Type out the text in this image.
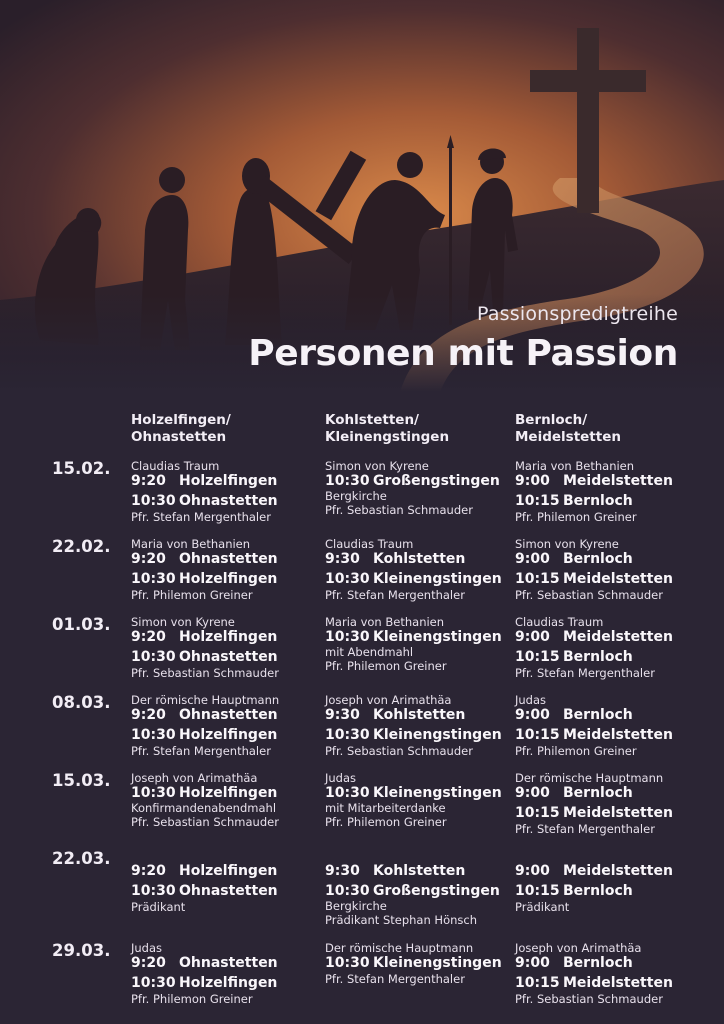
Passionspredigtreihe
Personen mit Passion
Holzelfingen/
Ohnastetten
Kohlstetten/
Kleinengstingen
Bernloch/
Meidelstetten
15.02. Claudias Traum
9:20 Holzelfingen
10:30 Ohnastetten
Pfr. Stefan Mergenthaler
Simon von Kyrene
10:30 Großengstingen
Bergkirche
Pfr. Sebastian Schmauder
Maria von Bethanien
9:00 Meidelstetten
10:15 Bernloch
Pfr. Philemon Greiner
22.02. Maria von Bethanien
9:20 Ohnastetten
10:30 Holzelfingen
Pfr. Philemon Greiner
Claudias Traum
9:30 Kohlstetten
10:30 Kleinengstingen
Pfr. Stefan Mergenthaler
Simon von Kyrene
9:00 Bernloch
10:15 Meidelstetten
Pfr. Sebastian Schmauder
01.03. Simon von Kyrene
9:20 Holzelfingen
10:30 Ohnastetten
Pfr. Sebastian Schmauder
Maria von Bethanien
10:30 Kleinengstingen
mit Abendmahl
Pfr. Philemon Greiner
Claudias Traum
9:00 Meidelstetten
10:15 Bernloch
Pfr. Stefan Mergenthaler
08.03. Der römische Hauptmann
9:20 Ohnastetten
10:30 Holzelfingen
Pfr. Stefan Mergenthaler
Joseph von Arimathäa
9:30 Kohlstetten
10:30 Kleinengstingen
Pfr. Sebastian Schmauder
Judas
9:00 Bernloch
10:15 Meidelstetten
Pfr. Philemon Greiner
15.03. Joseph von Arimathäa
10:30 Holzelfingen
Konfirmandenabendmahl
Pfr. Sebastian Schmauder
Judas
10:30 Kleinengstingen
mit Mitarbeiterdanke
Pfr. Philemon Greiner
Der römische Hauptmann
9:00 Bernloch
10:15 Meidelstetten
Pfr. Stefan Mergenthaler
22.03.
9:20 Holzelfingen
10:30 Ohnastetten
Prädikant
9:30 Kohlstetten
10:30 Großengstingen
Bergkirche
Prädikant Stephan Hönsch
9:00 Meidelstetten
10:15 Bernloch
Prädikant
29.03. Judas
9:20 Ohnastetten
10:30 Holzelfingen
Pfr. Philemon Greiner
Der römische Hauptmann
10:30 Kleinengstingen
Pfr. Stefan Mergenthaler
Joseph von Arimathäa
9:00 Bernloch
10:15 Meidelstetten
Pfr. Sebastian Schmauder
